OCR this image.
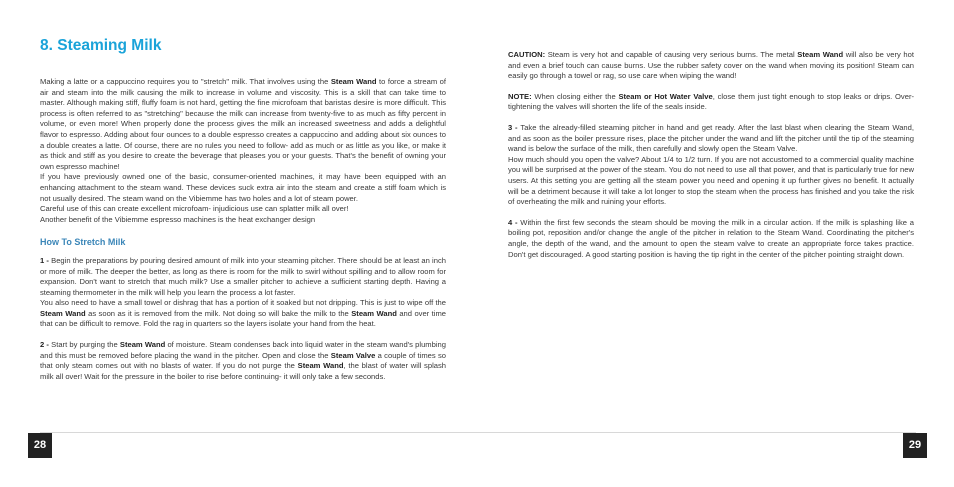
8. Steaming Milk

Making a latte or a cappuccino requires you to "stretch" milk. That involves using the Steam Wand to force a stream of air and steam into the milk causing the milk to increase in volume and viscosity. This is a skill that can take time to master. Although making stiff, fluffy foam is not hard, getting the fine microfoam that baristas desire is more difficult. This process is often referred to as "stretching" because the milk can increase from twenty-five to as much as fifty percent in volume, or even more! When properly done the process gives the milk an increased sweetness and adds a delightful flavor to espresso. Adding about four ounces to a double espresso creates a cappuccino and adding about six ounces to a double creates a latte. Of course, there are no rules you need to follow- add as much or as little as you like, or make it as thick and stiff as you desire to create the beverage that pleases you or your guests. That's the benefit of owning your own espresso machine!

If you have previously owned one of the basic, consumer-oriented machines, it may have been equipped with an enhancing attachment to the steam wand. These devices suck extra air into the steam and create a stiff foam which is not usually desired. The steam wand on the Vibiemme has two holes and a lot of steam power.

Careful use of this can create excellent microfoam- injudicious use can splatter milk all over!

Another benefit of the Vibiemme espresso machines is the heat exchanger design

How To Stretch Milk

1 - Begin the preparations by pouring desired amount of milk into your steaming pitcher. There should be at least an inch or more of milk. The deeper the better, as long as there is room for the milk to swirl without spilling and to allow room for expansion. Don't want to stretch that much milk? Use a smaller pitcher to achieve a sufficient starting depth. Having a steaming thermometer in the milk will help you learn the process a lot faster.

You also need to have a small towel or dishrag that has a portion of it soaked but not dripping. This is just to wipe off the Steam Wand as soon as it is removed from the milk. Not doing so will bake the milk to the Steam Wand and over time that can be difficult to remove. Fold the rag in quarters so the layers isolate your hand from the heat.

2 - Start by purging the Steam Wand of moisture. Steam condenses back into liquid water in the steam wand's plumbing and this must be removed before placing the wand in the pitcher. Open and close the Steam Valve a couple of times so that only steam comes out with no blasts of water. If you do not purge the Steam Wand, the blast of water will splash milk all over! Wait for the pressure in the boiler to rise before continuing- it will only take a few seconds.

CAUTION: Steam is very hot and capable of causing very serious burns. The metal Steam Wand will also be very hot and even a brief touch can cause burns. Use the rubber safety cover on the wand when moving its position! Steam can easily go through a towel or rag, so use care when wiping the wand!

NOTE: When closing either the Steam or Hot Water Valve, close them just tight enough to stop leaks or drips. Over-tightening the valves will shorten the life of the seals inside.

3 - Take the already-filled steaming pitcher in hand and get ready. After the last blast when clearing the Steam Wand, and as soon as the boiler pressure rises, place the pitcher under the wand and lift the pitcher until the tip of the steaming wand is below the surface of the milk, then carefully and slowly open the Steam Valve.

How much should you open the valve? About 1/4 to 1/2 turn. If you are not accustomed to a commercial quality machine you will be surprised at the power of the steam. You do not need to use all that power, and that is particularly true for new users. At this setting you are getting all the steam power you need and opening it up further gives no benefit. It actually will be a detriment because it will take a lot longer to stop the steam when the process has finished and you take the risk of overheating the milk and ruining your efforts.

4 - Within the first few seconds the steam should be moving the milk in a circular action. If the milk is splashing like a boiling pot, reposition and/or change the angle of the pitcher in relation to the Steam Wand. Coordinating the pitcher's angle, the depth of the wand, and the amount to open the steam valve to create an appropriate force takes practice. Don't get discouraged. A good starting position is having the tip right in the center of the pitcher pointing straight down.

28	29
